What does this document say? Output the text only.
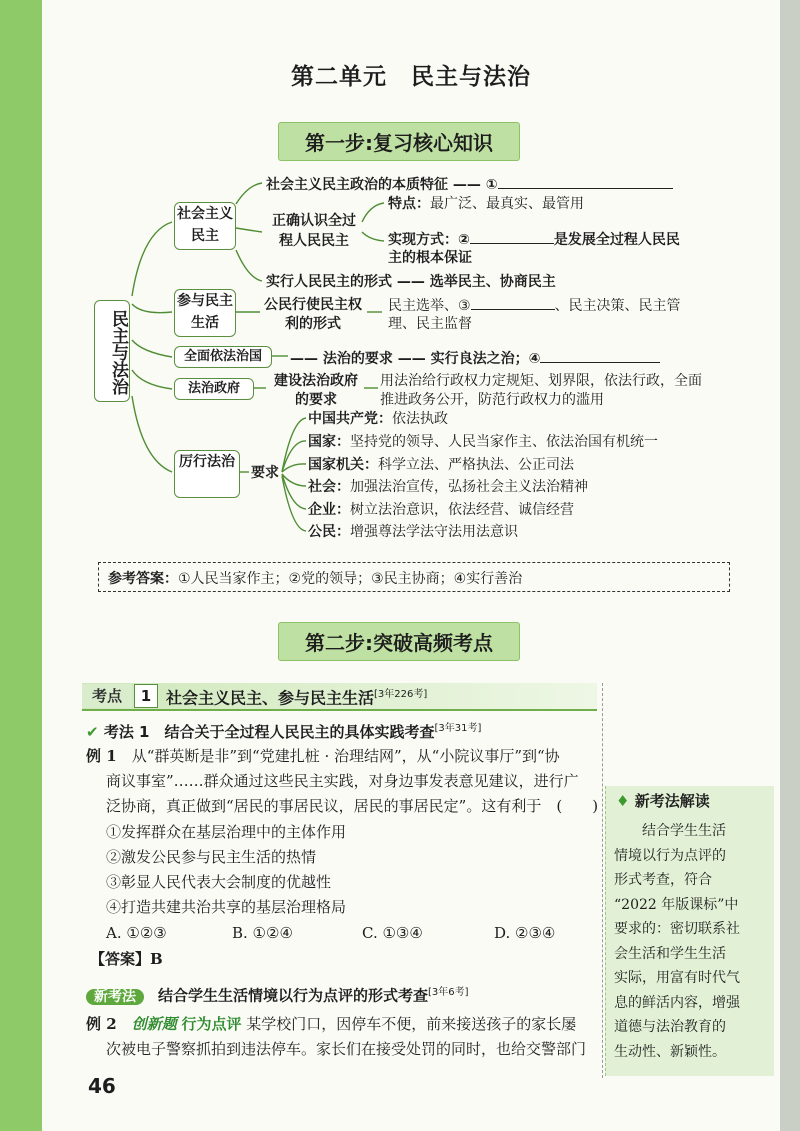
第二单元　民主与法治
第一步:复习核心知识
民主与法治
社会主义民主
社会主义民主政治的本质特征 —— ①
正确认识全过程人民民主
特点：最广泛、最真实、最管用
实现方式：②	是发展全过程人民民
主的根本保证
实行人民民主的形式 —— 选举民主、协商民主
参与民主生活
公民行使民主权利的形式
民主选举、③	、民主决策、民主管
理、民主监督
全面依法治国	—— 法治的要求 —— 实行良法之治；④
法治政府	建设法治政府的要求
用法治给行政权力定规矩、划界限，依法行政，全面
推进政务公开，防范行政权力的滥用
厉行法治
要求
中国共产党：依法执政
国家：坚持党的领导、人民当家作主、依法治国有机统一
国家机关：科学立法、严格执法、公正司法
社会：加强法治宣传，弘扬社会主义法治精神
企业：树立法治意识，依法经营、诚信经营
公民：增强尊法学法守法用法意识
参考答案：①人民当家作主；②党的领导；③民主协商；④实行善治
第二步:突破高频考点
考点	1 社会主义民主、参与民主生活[3年226考]
✔ 考法 1　 结合关于全过程人民民主的具体实践考查[3年31考]
例 1　 从“群英断是非”到“党建扎桩 · 治理结网”，从“小院议事厅”到“协
商议事室”……群众通过这些民主实践，对身边事发表意见建议，进行广
泛协商，真正做到“居民的事居民议，居民的事居民定”。这有利于　(　　)
①发挥群众在基层治理中的主体作用
②激发公民参与民主生活的热情
③彰显人民代表大会制度的优越性
④打造共建共治共享的基层治理格局
A. ①②③	B. ①②④	C. ①③④	D. ②③④
【答案】B
新考法　 结合学生生活情境以行为点评的形式考查[3年6考]
例 2　 创新题 行为点评 某学校门口，因停车不便，前来接送孩子的家长屡
次被电子警察抓拍到违法停车。家长们在接受处罚的同时，也给交警部门
♦ 新考法解读
结合学生生活
情境以行为点评的
形式考查，符合
“2022 年版课标”中
要求的：密切联系社
会生活和学生生活
实际，用富有时代气
息的鲜活内容，增强
道德与法治教育的
生动性、新颖性。
46
